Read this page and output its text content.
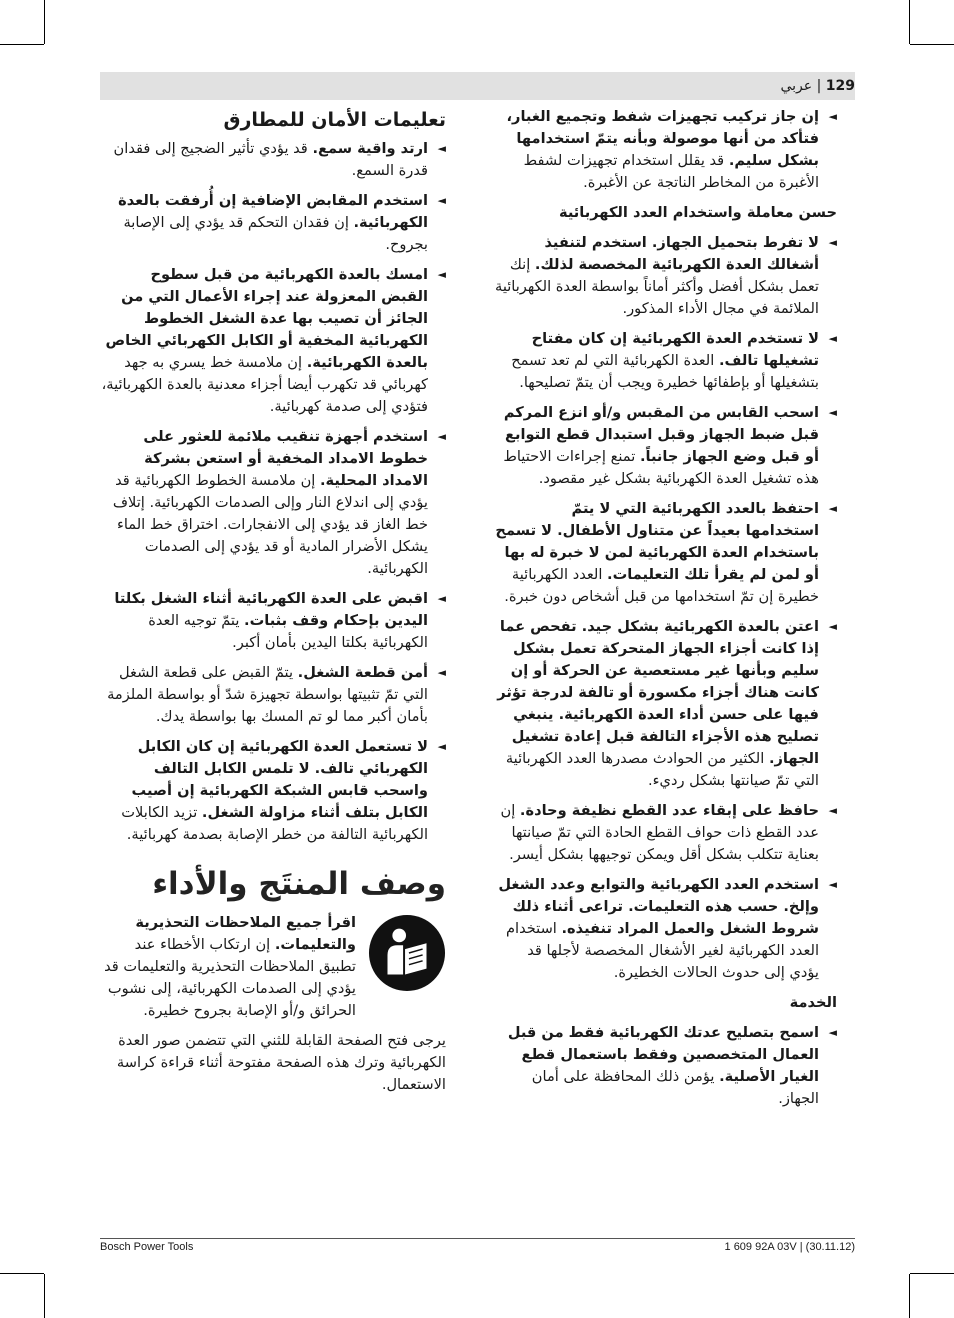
129 | عربي
◄
إن جاز تركيب تجهيزات شفط وتجميع الغبار، فتأكد من أنها موصولة وبأنه يتمّ استخدامها بشكل سليم. قد يقلل استخدام تجهيزات لشفط الأغبرة من المخاطر الناتجة عن الأغبرة.
حسن معاملة واستخدام العدد الكهربائية
◄
لا تفرط بتحميل الجهاز. استخدم لتنفيذ أشغالك العدة الكهربائية المخصصة لذلك. إنك تعمل بشكل أفضل وأكثر أماناً بواسطة العدة الكهربائية الملائمة في مجال الأداء المذكور.
◄
لا تستخدم العدة الكهربائية إن كان مفتاح تشغيلها تالف. العدة الكهربائية التي لم تعد تسمح بتشغيلها أو بإطفائها خطيرة ويجب أن يتمّ تصليحها.
◄
اسحب القابس من المقبس و/أو انزع المركم قبل ضبط الجهاز وقبل استبدال قطع التوابع أو قبل وضع الجهاز جانباً. تمنع إجراءات الاحتياط هذه تشغيل العدة الكهربائية بشكل غير مقصود.
◄
احتفظ بالعدد الكهربائية التي لا يتمّ استخدامها بعيداً عن متناول الأطفال. لا تسمح باستخدام العدة الكهربائية لمن لا خبرة له بها أو لمن لم يقرأ تلك التعليمات. العدد الكهربائية خطيرة إن تمّ استخدامها من قبل أشخاص دون خبرة.
◄
اعتن بالعدة الكهربائية بشكل جيد. تفحص عما إذا كانت أجزاء الجهاز المتحركة تعمل بشكل سليم وبأنها غير مستعصية عن الحركة أو إن كانت هناك أجزاء مكسورة أو تالفة لدرجة تؤثر فيها على حسن أداء العدة الكهربائية. ينبغي تصليح هذه الأجزاء التالفة قبل إعادة تشغيل الجهاز. الكثير من الحوادث مصدرها العدد الكهربائية التي تمّ صيانتها بشكل رديء.
◄
حافظ على إبقاء عدد القطع نظيفة وحادة. إن عدد القطع ذات حواف القطع الحادة التي تمّ صيانتها بعناية تتكلب بشكل أقل ويمكن توجيهها بشكل أيسر.
◄
استخدم العدد الكهربائية والتوابع وعدد الشغل وإلخ. حسب هذه التعليمات. تراعى أثناء ذلك شروط الشغل والعمل المراد تنفيذه. استخدام العدد الكهربائية لغير الأشغال المخصصة لأجلها قد يؤدي إلى حدوث الحالات الخطيرة.
الخدمة
◄
اسمح بتصليح عدتك الكهربائية فقط من قبل العمال المتخصصين وفقط باستعمال قطع الغيار الأصلية. يؤمن ذلك المحافظة على أمان الجهاز.
تعليمات الأمان للمطارق
◄
ارتد واقية سمع. قد يؤدي تأثير الضجيج إلى فقدان قدرة السمع.
◄
استخدم المقابض الإضافية إن أُرفقت بالعدة الكهربائية. إن فقدان التحكم قد يؤدي إلى الإصابة بجروح.
◄
امسك بالعدة الكهربائية من قبل سطوح القبض المعزولة عند إجراء الأعمال التي من الجائز أن تصيب بها عدة الشغل الخطوط الكهربائية المخفية أو الكابل الكهربائي الخاص بالعدة الكهربائية. إن ملامسة خط يسري به جهد كهربائي قد تكهرب أيضا أجزاء معدنية بالعدة الكهربائية، فتؤدي إلى صدمة كهربائية.
◄
استخدم أجهزة تنقيب ملائمة للعثور على خطوط الامداد المخفية أو استعن بشركة الامداد المحلية. إن ملامسة الخطوط الكهربائية قد يؤدي إلى اندلاع النار وإلى الصدمات الكهربائية. إتلاف خط الغاز قد يؤدي إلى الانفجارات. اختراق خط الماء يشكل الأضرار المادية أو قد يؤدي إلى الصدمات الكهربائية.
◄
اقبض على العدة الكهربائية أثناء الشغل بكلتا اليدين بإحكام وقف بثبات. يتمّ توجيه العدة الكهربائية بكلتا اليدين بأمان أكبر.
◄
أمن قطعة الشغل. يتمّ القبض على قطعة الشغل التي تمّ تثبيتها بواسطة تجهيزة شدّ أو بواسطة الملزمة بأمان أكبر مما لو تم المسك بها بواسطة يدك.
◄
لا تستعمل العدة الكهربائية إن كان الكابل الكهربائي تالف. لا تلمس الكابل التالف واسحب قابس الشبكة الكهربائية إن أصيب الكابل بتلف أثناء مزاولة الشغل. تزيد الكابلات الكهربائية التالفة من خطر الإصابة بصدمة كهربائية.
وصف المنتَج والأداء
اقرأ جميع الملاحظات التحذيرية والتعليمات. إن ارتكاب الأخطاء عند تطبيق الملاحظات التحذيرية والتعليمات قد يؤدي إلى الصدمات الكهربائية، إلى نشوب الحرائق و/أو الإصابة بجروح خطيرة.
يرجى فتح الصفحة القابلة للثني التي تتضمن صور العدة الكهربائية وترك هذه الصفحة مفتوحة أثناء قراءة كراسة الاستعمال.
Bosch Power Tools	1 609 92A 03V | (30.11.12)
